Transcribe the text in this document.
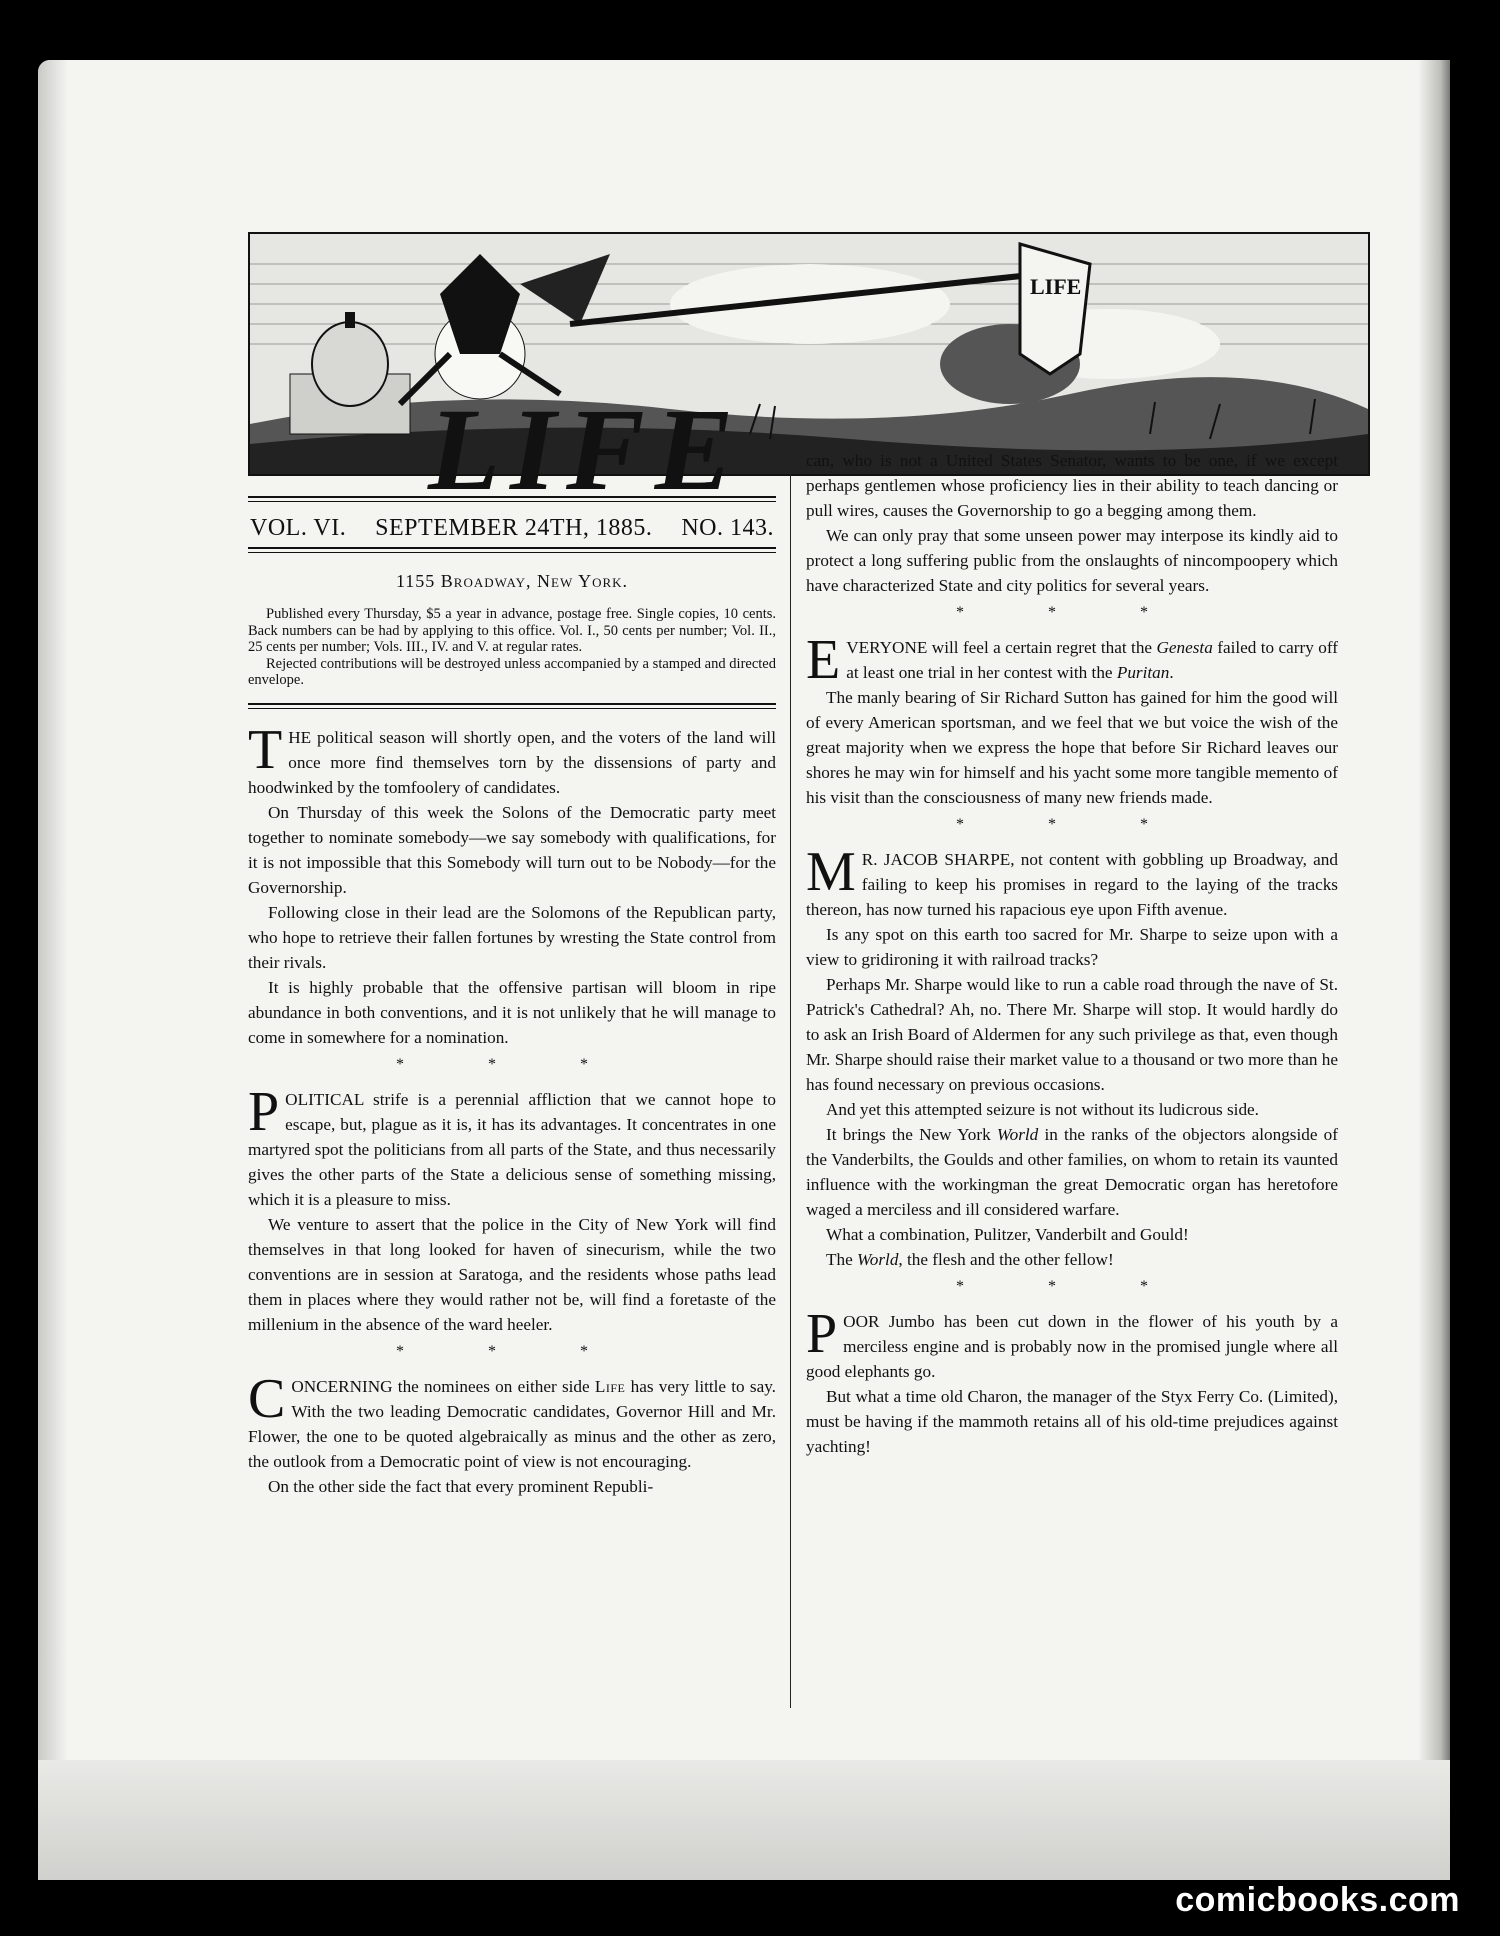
LIFE
LIFE
VOL. VI. SEPTEMBER 24TH, 1885. NO. 143.
1155 Broadway, New York.

Published every Thursday, $5 a year in advance, postage free. Single copies, 10 cents. Back numbers can be had by applying to this office. Vol. I., 50 cents per number; Vol. II., 25 cents per number; Vols. III., IV. and V. at regular rates.

Rejected contributions will be destroyed unless accompanied by a stamped and directed envelope.

THE political season will shortly open, and the voters of the land will once more find themselves torn by the dissensions of party and hoodwinked by the tomfoolery of candidates.

On Thursday of this week the Solons of the Democratic party meet together to nominate somebody—we say somebody with qualifications, for it is not impossible that this Somebody will turn out to be Nobody—for the Governorship.

Following close in their lead are the Solomons of the Republican party, who hope to retrieve their fallen fortunes by wresting the State control from their rivals.

It is highly probable that the offensive partisan will bloom in ripe abundance in both conventions, and it is not unlikely that he will manage to come in somewhere for a nomination.

* * *

POLITICAL strife is a perennial affliction that we cannot hope to escape, but, plague as it is, it has its advantages. It concentrates in one martyred spot the politicians from all parts of the State, and thus necessarily gives the other parts of the State a delicious sense of something missing, which it is a pleasure to miss.

We venture to assert that the police in the City of New York will find themselves in that long looked for haven of sinecurism, while the two conventions are in session at Saratoga, and the residents whose paths lead them in places where they would rather not be, will find a foretaste of the millenium in the absence of the ward heeler.

* * *

CONCERNING the nominees on either side Life has very little to say. With the two leading Democratic candidates, Governor Hill and Mr. Flower, the one to be quoted algebraically as minus and the other as zero, the outlook from a Democratic point of view is not encouraging.

On the other side the fact that every prominent Republi-

can, who is not a United States Senator, wants to be one, if we except perhaps gentlemen whose proficiency lies in their ability to teach dancing or pull wires, causes the Governorship to go a begging among them.

We can only pray that some unseen power may interpose its kindly aid to protect a long suffering public from the onslaughts of nincompoopery which have characterized State and city politics for several years.

* * *

EVERYONE will feel a certain regret that the Genesta failed to carry off at least one trial in her contest with the Puritan.

The manly bearing of Sir Richard Sutton has gained for him the good will of every American sportsman, and we feel that we but voice the wish of the great majority when we express the hope that before Sir Richard leaves our shores he may win for himself and his yacht some more tangible memento of his visit than the consciousness of many new friends made.

* * *

M R. JACOB SHARPE, not content with gobbling up Broadway, and failing to keep his promises in regard to the laying of the tracks thereon, has now turned his rapacious eye upon Fifth avenue.

Is any spot on this earth too sacred for Mr. Sharpe to seize upon with a view to gridironing it with railroad tracks?

Perhaps Mr. Sharpe would like to run a cable road through the nave of St. Patrick's Cathedral? Ah, no. There Mr. Sharpe will stop. It would hardly do to ask an Irish Board of Aldermen for any such privilege as that, even though Mr. Sharpe should raise their market value to a thousand or two more than he has found necessary on previous occasions.

And yet this attempted seizure is not without its ludicrous side.

It brings the New York World in the ranks of the objectors alongside of the Vanderbilts, the Goulds and other families, on whom to retain its vaunted influence with the workingman the great Democratic organ has heretofore waged a merciless and ill considered warfare.

What a combination, Pulitzer, Vanderbilt and Gould!

The World, the flesh and the other fellow!

* * *

POOR Jumbo has been cut down in the flower of his youth by a merciless engine and is probably now in the promised jungle where all good elephants go.

But what a time old Charon, the manager of the Styx Ferry Co. (Limited), must be having if the mammoth retains all of his old-time prejudices against yachting!

comicbooks.com
